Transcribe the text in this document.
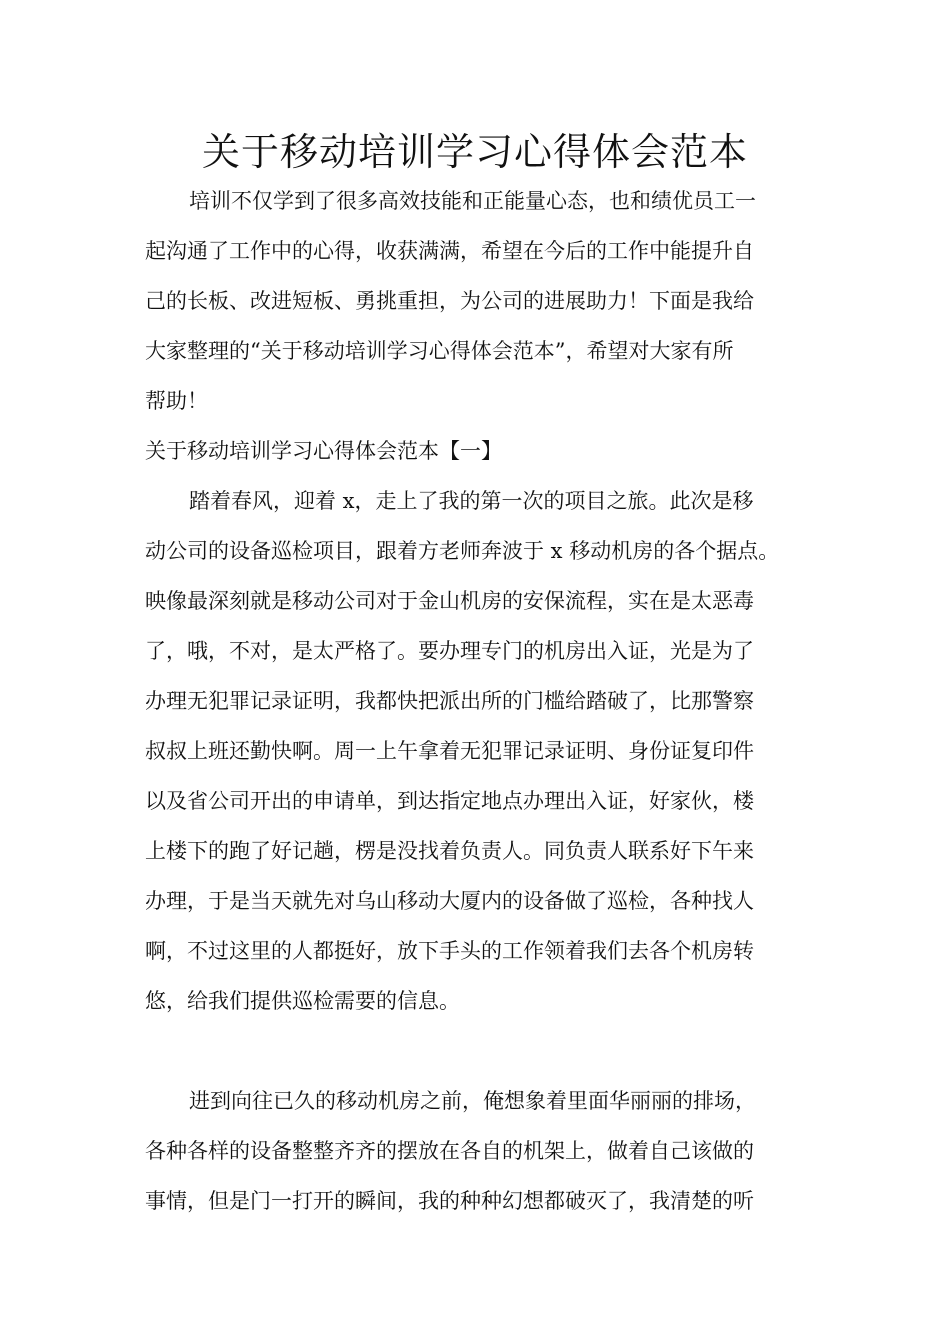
关于移动培训学习心得体会范本
培训不仅学到了很多高效技能和正能量心态，也和绩优员工一
起沟通了工作中的心得，收获满满，希望在今后的工作中能提升自
己的长板、改进短板、勇挑重担，为公司的进展助力！下面是我给
大家整理的“关于移动培训学习心得体会范本”，希望对大家有所
帮助！
关于移动培训学习心得体会范本【一】
踏着春风，迎着 x，走上了我的第一次的项目之旅。此次是移
动公司的设备巡检项目，跟着方老师奔波于 x 移动机房的各个据点。
映像最深刻就是移动公司对于金山机房的安保流程，实在是太恶毒
了，哦，不对，是太严格了。要办理专门的机房出入证，光是为了
办理无犯罪记录证明，我都快把派出所的门槛给踏破了，比那警察
叔叔上班还勤快啊。周一上午拿着无犯罪记录证明、身份证复印件
以及省公司开出的申请单，到达指定地点办理出入证，好家伙，楼
上楼下的跑了好记趟，楞是没找着负责人。同负责人联系好下午来
办理，于是当天就先对乌山移动大厦内的设备做了巡检，各种找人
啊，不过这里的人都挺好，放下手头的工作领着我们去各个机房转
悠，给我们提供巡检需要的信息。
进到向往已久的移动机房之前，俺想象着里面华丽丽的排场，
各种各样的设备整整齐齐的摆放在各自的机架上，做着自己该做的
事情，但是门一打开的瞬间，我的种种幻想都破灭了，我清楚的听
